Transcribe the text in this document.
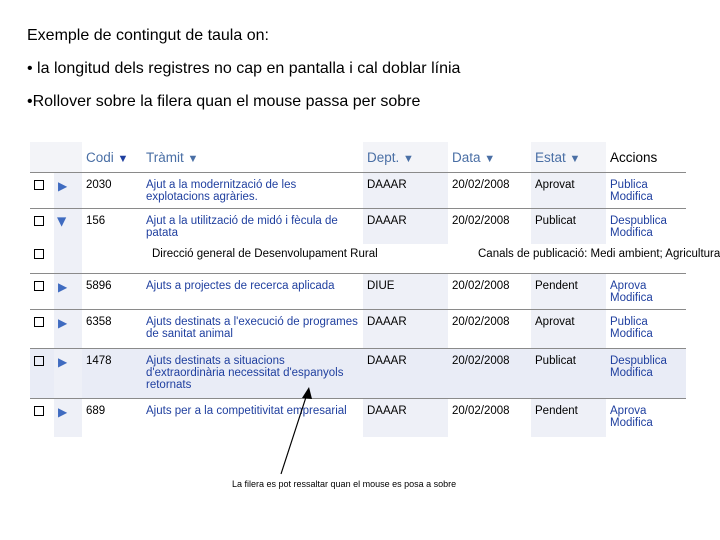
Exemple de contingut de taula on:
• la longitud dels registres no cap en pantalla i cal doblar línia
•Rollover sobre la filera quan el mouse passa per sobre
		Codi ▼	Tràmit ▼	Dept. ▼	Data ▼	Estat ▼	Accions
	▶	2030	Ajut a la modernització de les explotacions agràries.	DAAAR	20/02/2008	Aprovat	Publica
Modifica

	▶	156	Ajut a la utilització de midó i fècula de patata	DAAAR	20/02/2008	Publicat	Despublica
Modifica

			Direcció general de Desenvolupament Rural			Canals de publicació: Medi ambient; Agricultura	

	▶	5896	Ajuts a projectes de recerca aplicada	DIUE	20/02/2008	Pendent	Aprova
Modifica

	▶	6358	Ajuts destinats a l'execució de programes de sanitat animal	DAAAR	20/02/2008	Aprovat	Publica
Modifica

	▶	1478	Ajuts destinats a situacions d'extraordinària necessitat d'espanyols retornats	DAAAR	20/02/2008	Publicat	Despublica
Modifica

	▶	689	Ajuts per a la competitivitat empresarial	DAAAR	20/02/2008	Pendent	Aprova
Modifica
La filera es pot ressaltar quan el mouse es posa a sobre
